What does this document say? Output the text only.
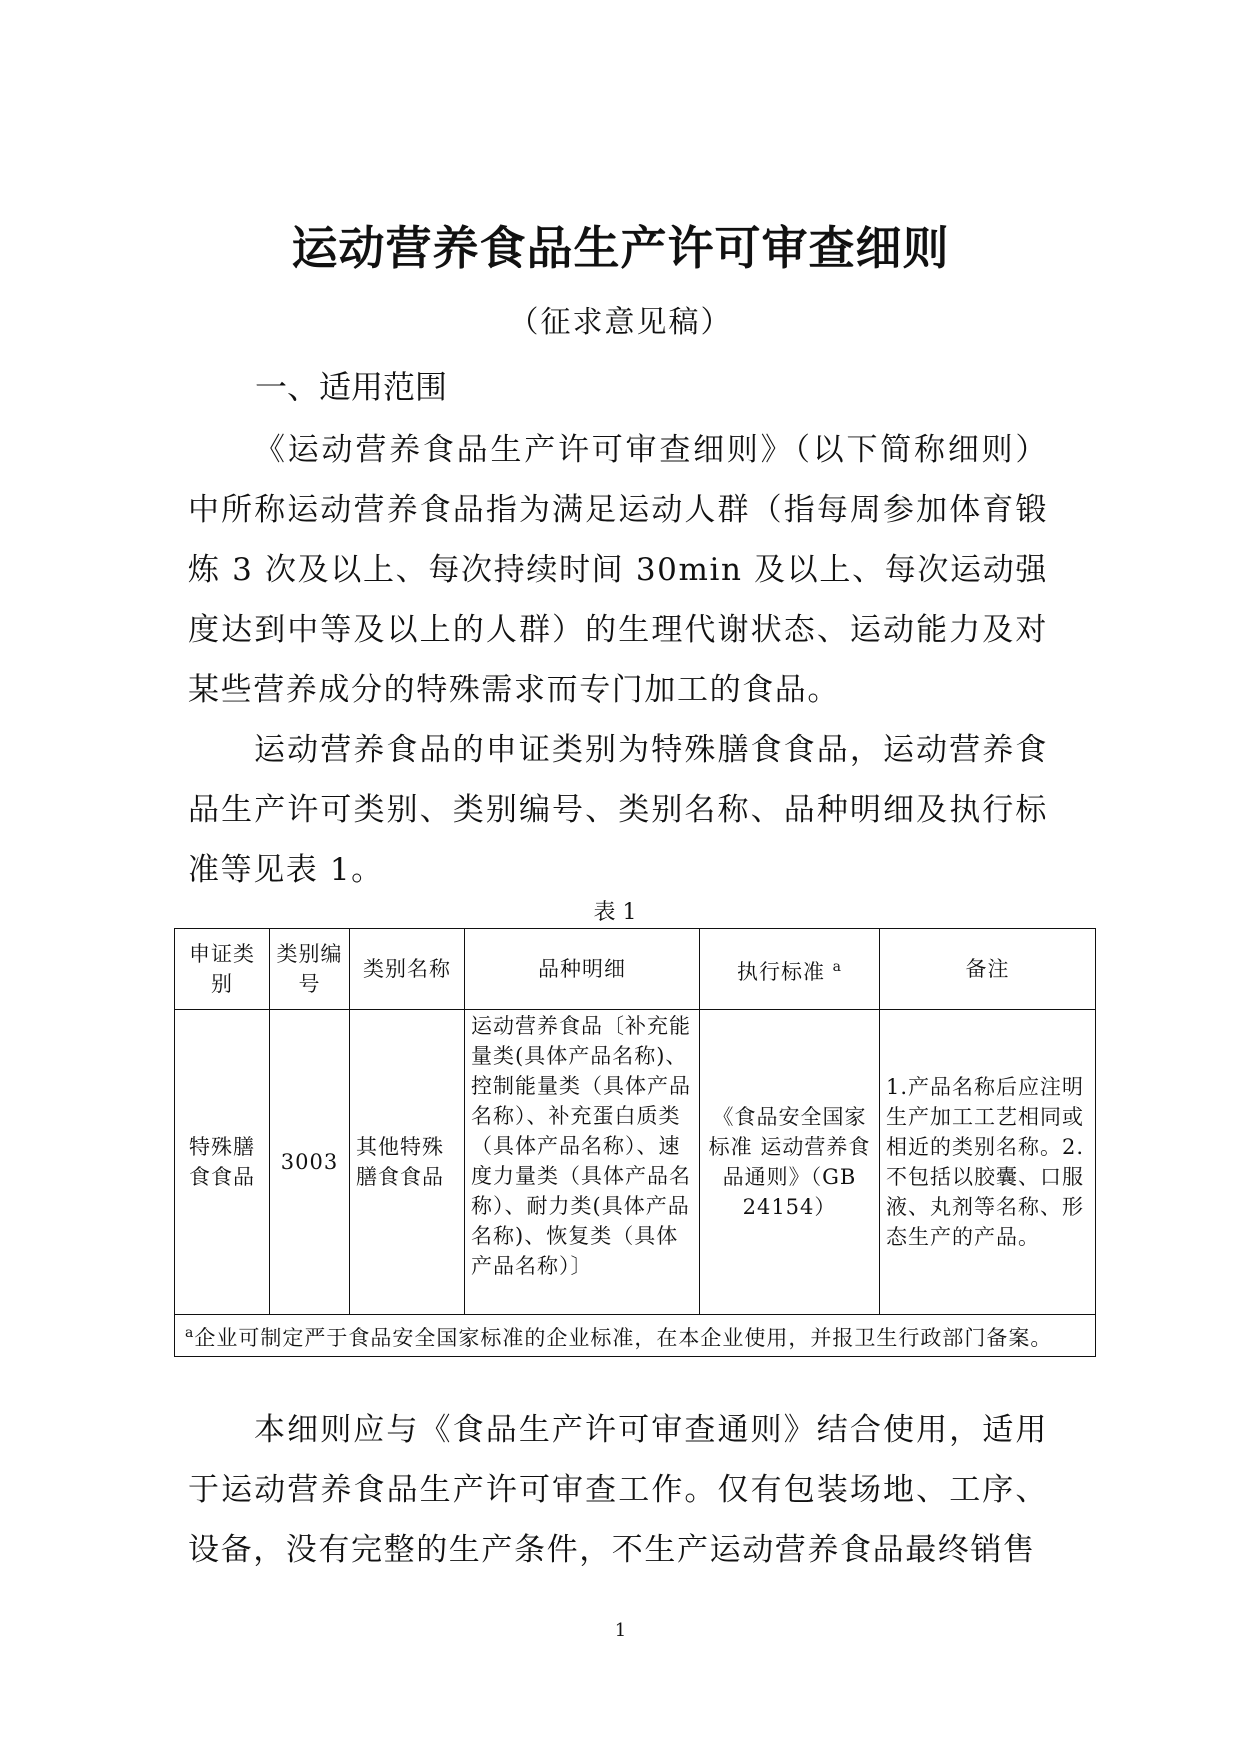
运动营养食品生产许可审查细则
（征求意见稿）
一、适用范围

《运动营养食品生产许可审查细则》（以下简称细则）中所称运动营养食品指为满足运动人群（指每周参加体育锻炼 3 次及以上、每次持续时间 30min 及以上、每次运动强度达到中等及以上的人群）的生理代谢状态、运动能力及对某些营养成分的特殊需求而专门加工的食品。

运动营养食品的申证类别为特殊膳食食品，运动营养食品生产许可类别、类别编号、类别名称、品种明细及执行标准等见表 1。

表 1
申证类别	类别编号	类别名称	品种明细	执行标准 $^a$	备注
特殊膳食食品	3003	其他特殊膳食食品	运动营养食品〔补充能量类(具体产品名称)、控制能量类（具体产品名称）、补充蛋白质类（具体产品名称）、速度力量类（具体产品名称）、耐力类(具体产品名称)、恢复类（具体产品名称）〕	《食品安全国家标准 运动营养食品通则》（GB 24154）	1.产品名称后应注明生产加工工艺相同或相近的类别名称。2.不包括以胶囊、口服液、丸剂等名称、形态生产的产品。
$^a$企业可制定严于食品安全国家标准的企业标准，在本企业使用，并报卫生行政部门备案。					

本细则应与《食品生产许可审查通则》结合使用，适用于运动营养食品生产许可审查工作。仅有包装场地、工序、设备，没有完整的生产条件，不生产运动营养食品最终销售

1
